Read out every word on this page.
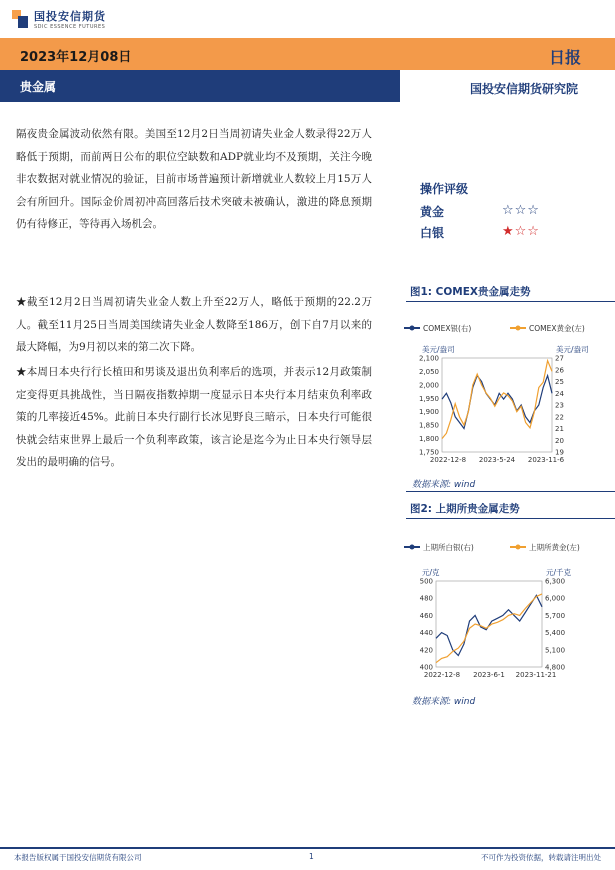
国投安信期货
SDIC ESSENCE FUTURES
2023年12月08日
贵金属
日报
国投安信期货研究院

隔夜贵金属波动依然有限。美国至12月2日当周初请失业金人数录得22万人略低于预期，而前两日公布的职位空缺数和ADP就业均不及预期，关注今晚非农数据对就业情况的验证，目前市场普遍预计新增就业人数较上月15万人会有所回升。国际金价周初冲高回落后技术突破未被确认，激进的降息预期仍有待修正，等待再入场机会。

★截至12月2日当周初请失业金人数上升至22万人，略低于预期的22.2万人。截至11月25日当周美国续请失业金人数降至186万，创下自7月以来的最大降幅，为9月初以来的第二次下降。

★本周日本央行行长植田和男谈及退出负利率后的选项，并表示12月政策制定变得更具挑战性，当日隔夜指数掉期一度显示日本央行本月结束负利率政策的几率接近45%。此前日本央行副行长冰见野良三暗示，日本央行可能很快就会结束世界上最后一个负利率政策，该言论是迄今为止日本央行领导层发出的最明确的信号。

操作评级
黄金	☆☆☆
白银	★☆☆
图1: COMEX贵金属走势
COMEX银(右)	COMEX黄金(左)
美元/盎司	美元/盎司
1,750
1,800
1,850
1,900
1,950
2,000
2,050
2,100
19
20
21
22
23
24
25
26
27
2022-12-8 2023-5-24 2023-11-6
数据来源: wind
图2: 上期所贵金属走势
上期所白银(右)	上期所黄金(左)
元/克	元/千克
400
420
440
460
480
500
4,800
5,100
5,400
5,700
6,000
6,300
2022-12-8 2023-6-1 2023-11-21
数据来源: wind
本报告版权属于国投安信期货有限公司	1	不可作为投资依据，转载请注明出处
